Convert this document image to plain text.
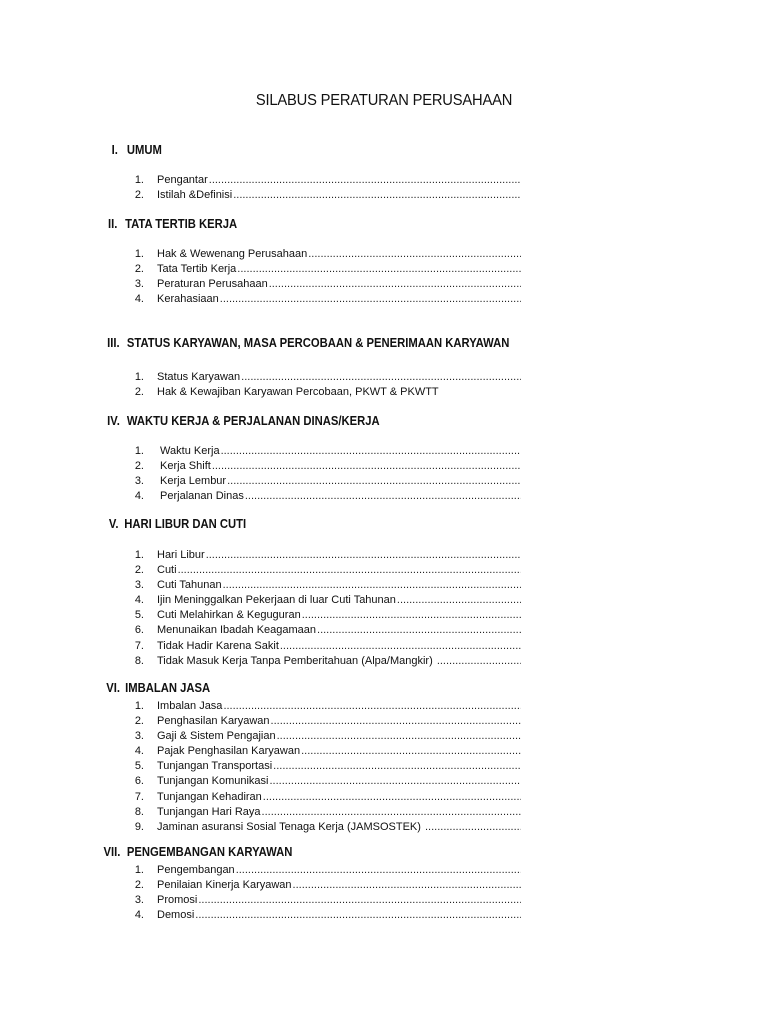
SILABUS PERATURAN PERUSAHAAN
I. UMUM
1. Pengantar .....
2. Istilah &Definisi .....
II. TATA TERTIB KERJA
1. Hak & Wewenang Perusahaan .....
2. Tata Tertib Kerja .....
3. Peraturan Perusahaan .....
4. Kerahasiaan .....
III. STATUS KARYAWAN, MASA PERCOBAAN & PENERIMAAN KARYAWAN
1. Status Karyawan .....
2. Hak & Kewajiban Karyawan Percobaan, PKWT & PKWTT
IV. WAKTU KERJA & PERJALANAN DINAS/KERJA
1. Waktu Kerja .....
2. Kerja Shift .....
3. Kerja Lembur .....
4. Perjalanan Dinas .....
V. HARI LIBUR DAN CUTI
1. Hari Libur .....
2. Cuti .....
3. Cuti Tahunan .....
4. Ijin Meninggalkan Pekerjaan di luar Cuti Tahunan .....
5. Cuti Melahirkan & Keguguran .....
6. Menunaikan Ibadah Keagamaan .....
7. Tidak Hadir Karena Sakit .....
8. Tidak Masuk Kerja Tanpa Pemberitahuan (Alpa/Mangkir)  .....
VI. IMBALAN JASA
1. Imbalan Jasa .....
2. Penghasilan Karyawan .....
3. Gaji & Sistem Pengajian .....
4. Pajak Penghasilan Karyawan .....
5. Tunjangan Transportasi .....
6. Tunjangan Komunikasi .....
7. Tunjangan Kehadiran .....
8. Tunjangan Hari Raya .....
9. Jaminan asuransi Sosial Tenaga Kerja (JAMSOSTEK)  .....
VII. PENGEMBANGAN KARYAWAN
1. Pengembangan .....
2. Penilaian Kinerja Karyawan .....
3. Promosi .....
4. Demosi .....
